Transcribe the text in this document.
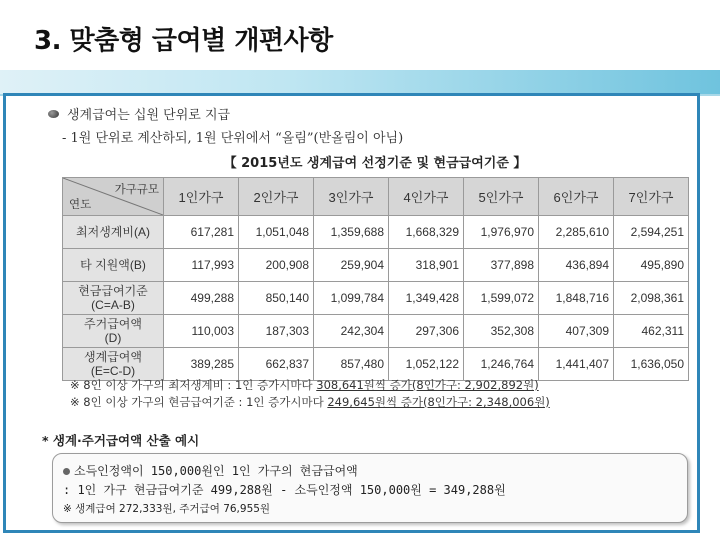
3. 맞춤형 급여별 개편사항
생계급여는 십원 단위로 지급
- 1원 단위로 계산하되, 1원 단위에서 “올림”(반올림이 아님)
【 2015년도 생계급여 선정기준 및 현금급여기준 】
가구규모
연도	1인가구	2인가구	3인가구	4인가구	5인가구	6인가구	7인가구

최저생계비(A)	617,281	1,051,048	1,359,688	1,668,329	1,976,970	2,285,610	2,594,251

타 지원액(B)	117,993	200,908	259,904	318,901	377,898	436,894	495,890

현금급여기준
(C=A-B)	499,288	850,140	1,099,784	1,349,428	1,599,072	1,848,716	2,098,361

주거급여액
(D)	110,003	187,303	242,304	297,306	352,308	407,309	462,311

생계급여액
(E=C-D)	389,285	662,837	857,480	1,052,122	1,246,764	1,441,407	1,636,050
※ 8인 이상 가구의 최저생계비 : 1인 증가시마다 308,641원씩 증가(8인가구: 2,902,892원)
※ 8인 이상 가구의 현금급여기준 : 1인 증가시마다 249,645원씩 증가(8인가구: 2,348,006원)
* 생계·주거급여액 산출 예시
소득인정액이 150,000원인 1인 가구의 현금급여액
: 1인 가구 현금급여기준 499,288원 - 소득인정액 150,000원 = 349,288원
※ 생계급여 272,333원, 주거급여 76,955원
